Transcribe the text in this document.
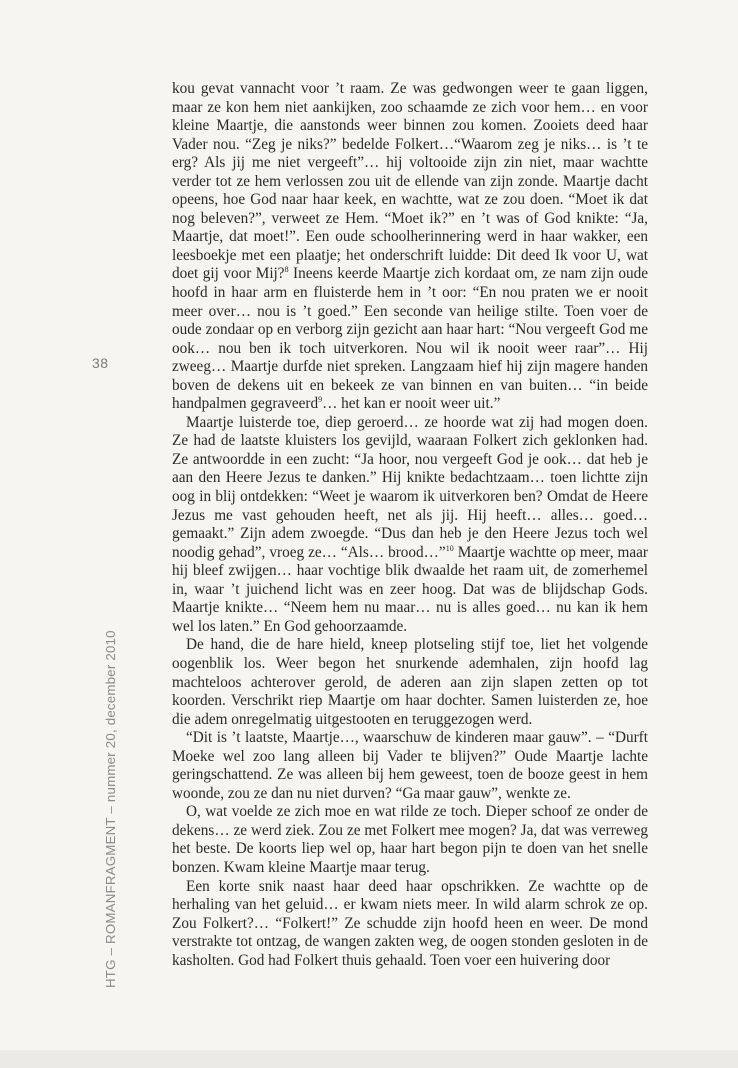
38
HTG – ROMANFRAGMENT – nummer 20, december 2010

kou gevat vannacht voor ’t raam. Ze was gedwongen weer te gaan liggen, maar ze kon hem niet aankijken, zoo schaamde ze zich voor hem… en voor kleine Maartje, die aanstonds weer binnen zou komen. Zooiets deed haar Vader nou. “Zeg je niks?” bedelde Folkert…“Waarom zeg je niks… is ’t te erg? Als jij me niet vergeeft”… hij voltooide zijn zin niet, maar wachtte verder tot ze hem verlossen zou uit de ellende van zijn zonde. Maartje dacht opeens, hoe God naar haar keek, en wachtte, wat ze zou doen. “Moet ik dat nog beleven?”, verweet ze Hem. “Moet ik?” en ’t was of God knikte: “Ja, Maartje, dat moet!”. Een oude schoolherinnering werd in haar wakker, een leesboekje met een plaatje; het onderschrift luidde: Dit deed Ik voor U, wat doet gij voor Mij?$^8$ Ineens keerde Maartje zich kordaat om, ze nam zijn oude hoofd in haar arm en fluisterde hem in ’t oor: “En nou praten we er nooit meer over… nou is ’t goed.” Een seconde van heilige stilte. Toen voer de oude zondaar op en verborg zijn gezicht aan haar hart: “Nou vergeeft God me ook… nou ben ik toch uitverkoren. Nou wil ik nooit weer raar”… Hij zweeg… Maartje durfde niet spreken. Langzaam hief hij zijn magere handen boven de dekens uit en bekeek ze van binnen en van buiten… “in beide handpalmen gegraveerd$^9$… het kan er nooit weer uit.”

Maartje luisterde toe, diep geroerd… ze hoorde wat zij had mogen doen. Ze had de laatste kluisters los gevijld, waaraan Folkert zich geklonken had. Ze antwoordde in een zucht: “Ja hoor, nou vergeeft God je ook… dat heb je aan den Heere Jezus te danken.” Hij knikte bedachtzaam… toen lichtte zijn oog in blij ontdekken: “Weet je waarom ik uitverkoren ben? Omdat de Heere Jezus me vast gehouden heeft, net als jij. Hij heeft… alles… goed… gemaakt.” Zijn adem zwoegde. “Dus dan heb je den Heere Jezus toch wel noodig gehad”, vroeg ze… “Als… brood…”$^{10}$ Maartje wachtte op meer, maar hij bleef zwijgen… haar vochtige blik dwaalde het raam uit, de zomerhemel in, waar ’t juichend licht was en zeer hoog. Dat was de blijdschap Gods. Maartje knikte… “Neem hem nu maar… nu is alles goed… nu kan ik hem wel los laten.” En God gehoorzaamde.

De hand, die de hare hield, kneep plotseling stijf toe, liet het volgende oogenblik los. Weer begon het snurkende ademhalen, zijn hoofd lag machteloos achterover gerold, de aderen aan zijn slapen zetten op tot koorden. Verschrikt riep Maartje om haar dochter. Samen luisterden ze, hoe die adem onregelmatig uitgestooten en teruggezogen werd.

“Dit is ’t laatste, Maartje…, waarschuw de kinderen maar gauw”. – “Durft Moeke wel zoo lang alleen bij Vader te blijven?” Oude Maartje lachte geringschattend. Ze was alleen bij hem geweest, toen de booze geest in hem woonde, zou ze dan nu niet durven? “Ga maar gauw”, wenkte ze.

O, wat voelde ze zich moe en wat rilde ze toch. Dieper schoof ze onder de dekens… ze werd ziek. Zou ze met Folkert mee mogen? Ja, dat was verreweg het beste. De koorts liep wel op, haar hart begon pijn te doen van het snelle bonzen. Kwam kleine Maartje maar terug.

Een korte snik naast haar deed haar opschrikken. Ze wachtte op de herhaling van het geluid… er kwam niets meer. In wild alarm schrok ze op. Zou Folkert?… “Folkert!” Ze schudde zijn hoofd heen en weer. De mond verstrakte tot ontzag, de wangen zakten weg, de oogen stonden gesloten in de kasholten. God had Folkert thuis gehaald. Toen voer een huivering door
